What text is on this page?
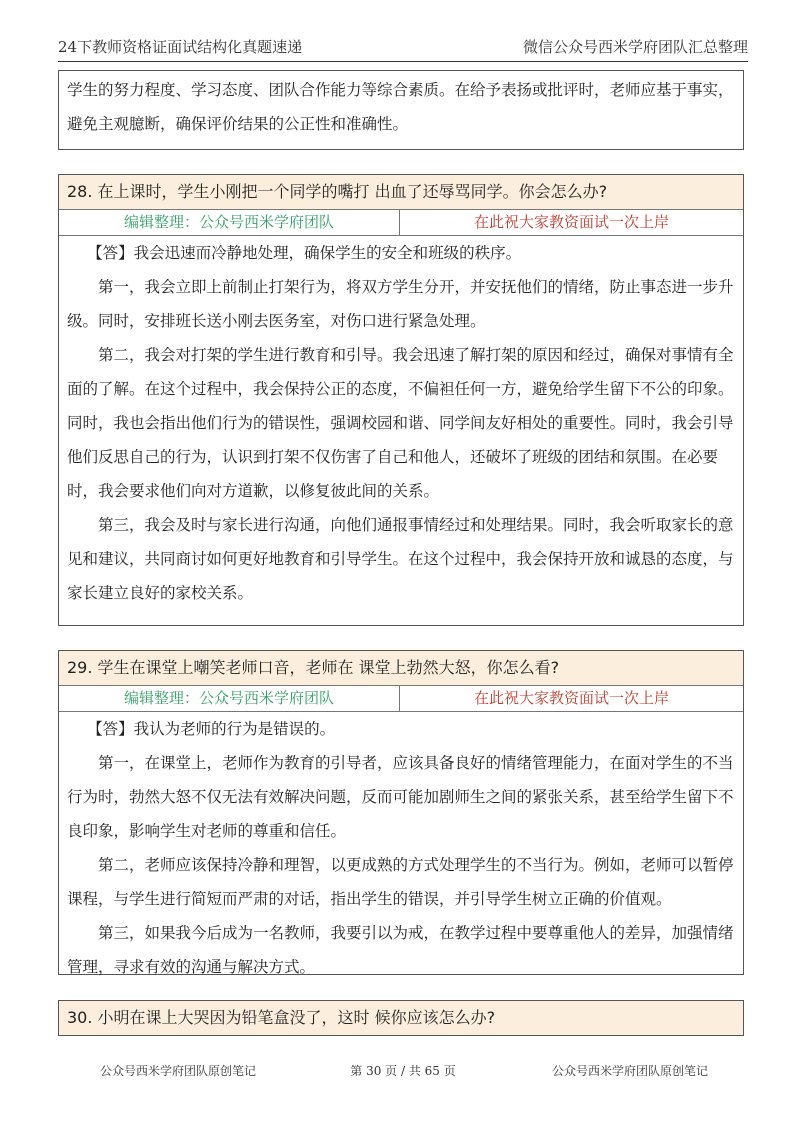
24下教师资格证面试结构化真题速递	微信公众号西米学府团队汇总整理

学生的努力程度、学习态度、团队合作能力等综合素质。在给予表扬或批评时，老师应基于事实，避免主观臆断，确保评价结果的公正性和准确性。

28. 在上课时，学生小刚把一个同学的嘴打 出血了还辱骂同学。你会怎么办?
编辑整理：公众号西米学府团队	在此祝大家教资面试一次上岸

【答】我会迅速而冷静地处理，确保学生的安全和班级的秩序。

第一，我会立即上前制止打架行为，将双方学生分开，并安抚他们的情绪，防止事态进一步升级。同时，安排班长送小刚去医务室，对伤口进行紧急处理。

第二，我会对打架的学生进行教育和引导。我会迅速了解打架的原因和经过，确保对事情有全面的了解。在这个过程中，我会保持公正的态度，不偏袒任何一方，避免给学生留下不公的印象。同时，我也会指出他们行为的错误性，强调校园和谐、同学间友好相处的重要性。同时，我会引导他们反思自己的行为，认识到打架不仅伤害了自己和他人，还破坏了班级的团结和氛围。在必要时，我会要求他们向对方道歉，以修复彼此间的关系。

第三，我会及时与家长进行沟通，向他们通报事情经过和处理结果。同时，我会听取家长的意见和建议，共同商讨如何更好地教育和引导学生。在这个过程中，我会保持开放和诚恳的态度，与家长建立良好的家校关系。

29. 学生在课堂上嘲笑老师口音，老师在 课堂上勃然大怒，你怎么看?
编辑整理：公众号西米学府团队	在此祝大家教资面试一次上岸

【答】我认为老师的行为是错误的。

第一，在课堂上，老师作为教育的引导者，应该具备良好的情绪管理能力，在面对学生的不当行为时，勃然大怒不仅无法有效解决问题，反而可能加剧师生之间的紧张关系，甚至给学生留下不良印象，影响学生对老师的尊重和信任。

第二，老师应该保持冷静和理智，以更成熟的方式处理学生的不当行为。例如，老师可以暂停课程，与学生进行简短而严肃的对话，指出学生的错误，并引导学生树立正确的价值观。

第三，如果我今后成为一名教师，我要引以为戒，在教学过程中要尊重他人的差异，加强情绪管理，寻求有效的沟通与解决方式。

30. 小明在课上大哭因为铅笔盒没了，这时 候你应该怎么办?
公众号西米学府团队原创笔记	第 30 页 / 共 65 页	公众号西米学府团队原创笔记
